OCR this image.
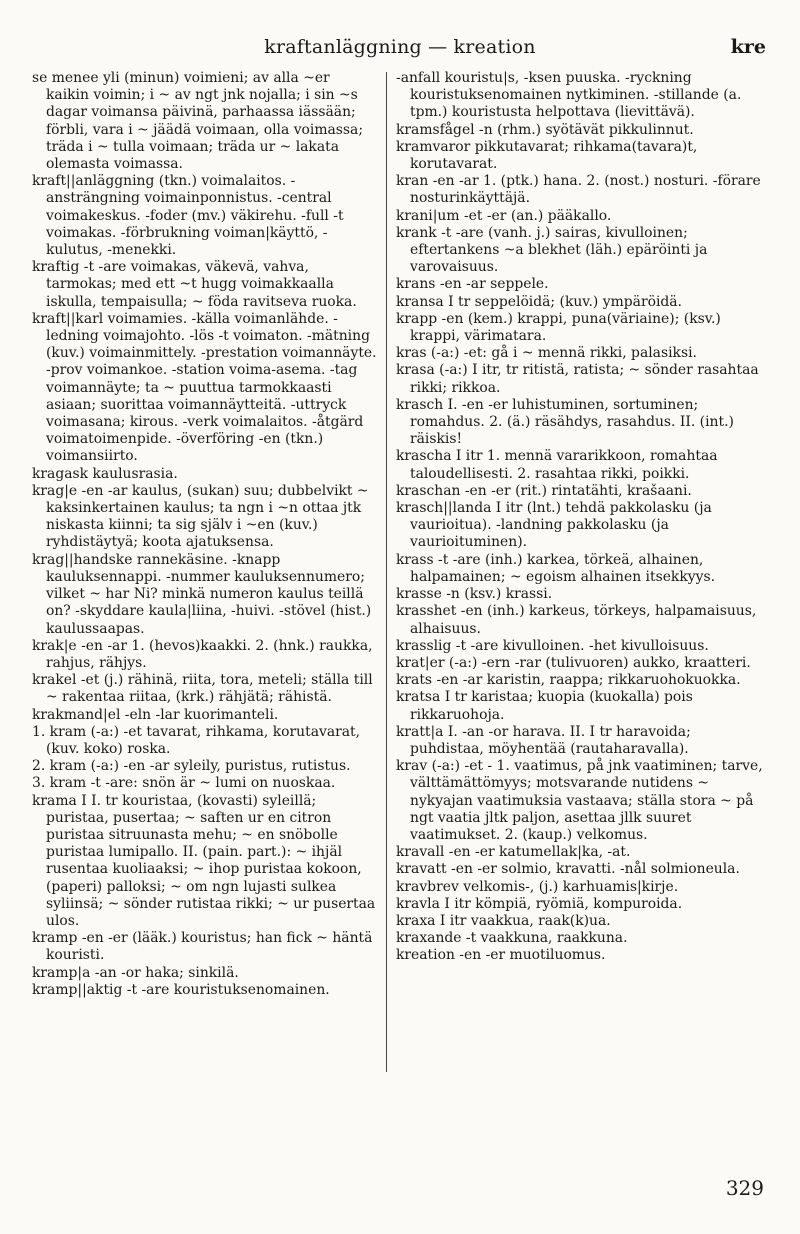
kraftanläggning — kreation	kre

se menee yli (minun) voimieni; av alla ~er kaikin voimin; i ~ av ngt jnk nojalla; i sin ~s dagar voimansa päivinä, parhaassa iässään; förbli, vara i ~ jäädä voimaan, olla voimassa; träda i ~ tulla voimaan; träda ur ~ lakata olemasta voimassa.

kraft||anläggning (tkn.) voimalaitos. -ansträngning voimainponnistus. -central voimakeskus. -foder (mv.) väkirehu. -full -t voimakas. -förbrukning voiman|käyttö, -kulutus, -menekki.

kraftig -t -are voimakas, väkevä, vahva, tarmokas; med ett ~t hugg voimakkaalla iskulla, tempaisulla; ~ föda ravitseva ruoka.

kraft||karl voimamies. -källa voimanlähde. -ledning voimajohto. -lös -t voimaton. -mätning (kuv.) voimainmittely. -prestation voimannäyte. -prov voimankoe. -station voima-asema. -tag voimannäyte; ta ~ puuttua tarmokkaasti asiaan; suorittaa voimannäytteitä. -uttryck voimasana; kirous. -verk voimalaitos. -åtgärd voimatoimenpide. -överföring -en (tkn.) voimansiirto.

kragask kaulusrasia.

krag|e -en -ar kaulus, (sukan) suu; dubbelvikt ~ kaksinkertainen kaulus; ta ngn i ~n ottaa jtk niskasta kiinni; ta sig själv i ~en (kuv.) ryhdistäytyä; koota ajatuksensa.

krag||handske rannekäsine. -knapp kauluksennappi. -nummer kauluksennumero; vilket ~ har Ni? minkä numeron kaulus teillä on? -skyddare kaula|liina, -huivi. -stövel (hist.) kaulussaapas.

krak|e -en -ar 1. (hevos)kaakki. 2. (hnk.) raukka, rahjus, rähjys.

krakel -et (j.) rähinä, riita, tora, meteli; ställa till ~ rakentaa riitaa, (krk.) rähjätä; rähistä.

krakmand|el -eln -lar kuorimanteli.

1. kram (-a:) -et tavarat, rihkama, korutavarat, (kuv. koko) roska.

2. kram (-a:) -en -ar syleily, puristus, rutistus.

3. kram -t -are: snön är ~ lumi on nuoskaa.

krama I I. tr kouristaa, (kovasti) syleillä; puristaa, pusertaa; ~ saften ur en citron puristaa sitruunasta mehu; ~ en snöbolle puristaa lumipallo. II. (pain. part.): ~ ihjäl rusentaa kuoliaaksi; ~ ihop puristaa kokoon, (paperi) palloksi; ~ om ngn lujasti sulkea syliinsä; ~ sönder rutistaa rikki; ~ ur pusertaa ulos.

kramp -en -er (lääk.) kouristus; han fick ~ häntä kouristi.

kramp|a -an -or haka; sinkilä.

kramp||aktig -t -are kouristuksenomainen.

-anfall kouristu|s, -ksen puuska. -ryckning kouristuksenomainen nytkiminen. -stillande (a. tpm.) kouristusta helpottava (lievittävä).

kramsfågel -n (rhm.) syötävät pikkulinnut.

kramvaror pikkutavarat; rihkama(tavara)t, korutavarat.

kran -en -ar 1. (ptk.) hana. 2. (nost.) nosturi. -förare nosturinkäyttäjä.

krani|um -et -er (an.) pääkallo.

krank -t -are (vanh. j.) sairas, kivulloinen; eftertankens ~a blekhet (läh.) epäröinti ja varovaisuus.

krans -en -ar seppele.

kransa I tr seppelöidä; (kuv.) ympäröidä.

krapp -en (kem.) krappi, puna(väriaine); (ksv.) krappi, värimatara.

kras (-a:) -et: gå i ~ mennä rikki, palasiksi.

krasa (-a:) I itr, tr ritistä, ratista; ~ sönder rasahtaa rikki; rikkoa.

krasch I. -en -er luhistuminen, sortuminen; romahdus. 2. (ä.) räsähdys, rasahdus. II. (int.) räiskis!

krascha I itr 1. mennä vararikkoon, romahtaa taloudellisesti. 2. rasahtaa rikki, poikki.

kraschan -en -er (rit.) rintatähti, krašaani.

krasch||landa I itr (lnt.) tehdä pakkolasku (ja vaurioitua). -landning pakkolasku (ja vaurioituminen).

krass -t -are (inh.) karkea, törkeä, alhainen, halpamainen; ~ egoism alhainen itsekkyys.

krasse -n (ksv.) krassi.

krasshet -en (inh.) karkeus, törkeys, halpamaisuus, alhaisuus.

krasslig -t -are kivulloinen. -het kivulloisuus.

krat|er (-a:) -ern -rar (tulivuoren) aukko, kraatteri.

krats -en -ar karistin, raappa; rikkaruohokuokka.

kratsa I tr karistaa; kuopia (kuokalla) pois rikkaruohoja.

kratt|a I. -an -or harava. II. I tr haravoida; puhdistaa, möyhentää (rautaharavalla).

krav (-a:) -et - 1. vaatimus, på jnk vaatiminen; tarve, välttämättömyys; motsvarande nutidens ~ nykyajan vaatimuksia vastaava; ställa stora ~ på ngt vaatia jltk paljon, asettaa jllk suuret vaatimukset. 2. (kaup.) velkomus.

kravall -en -er katumellak|ka, -at.

kravatt -en -er solmio, kravatti. -nål solmioneula.

kravbrev velkomis-, (j.) karhuamis|kirje.

kravla I itr kömpiä, ryömiä, kompuroida.

kraxa I itr vaakkua, raak(k)ua.

kraxande -t vaakkuna, raakkuna.

kreation -en -er muotiluomus.

329
